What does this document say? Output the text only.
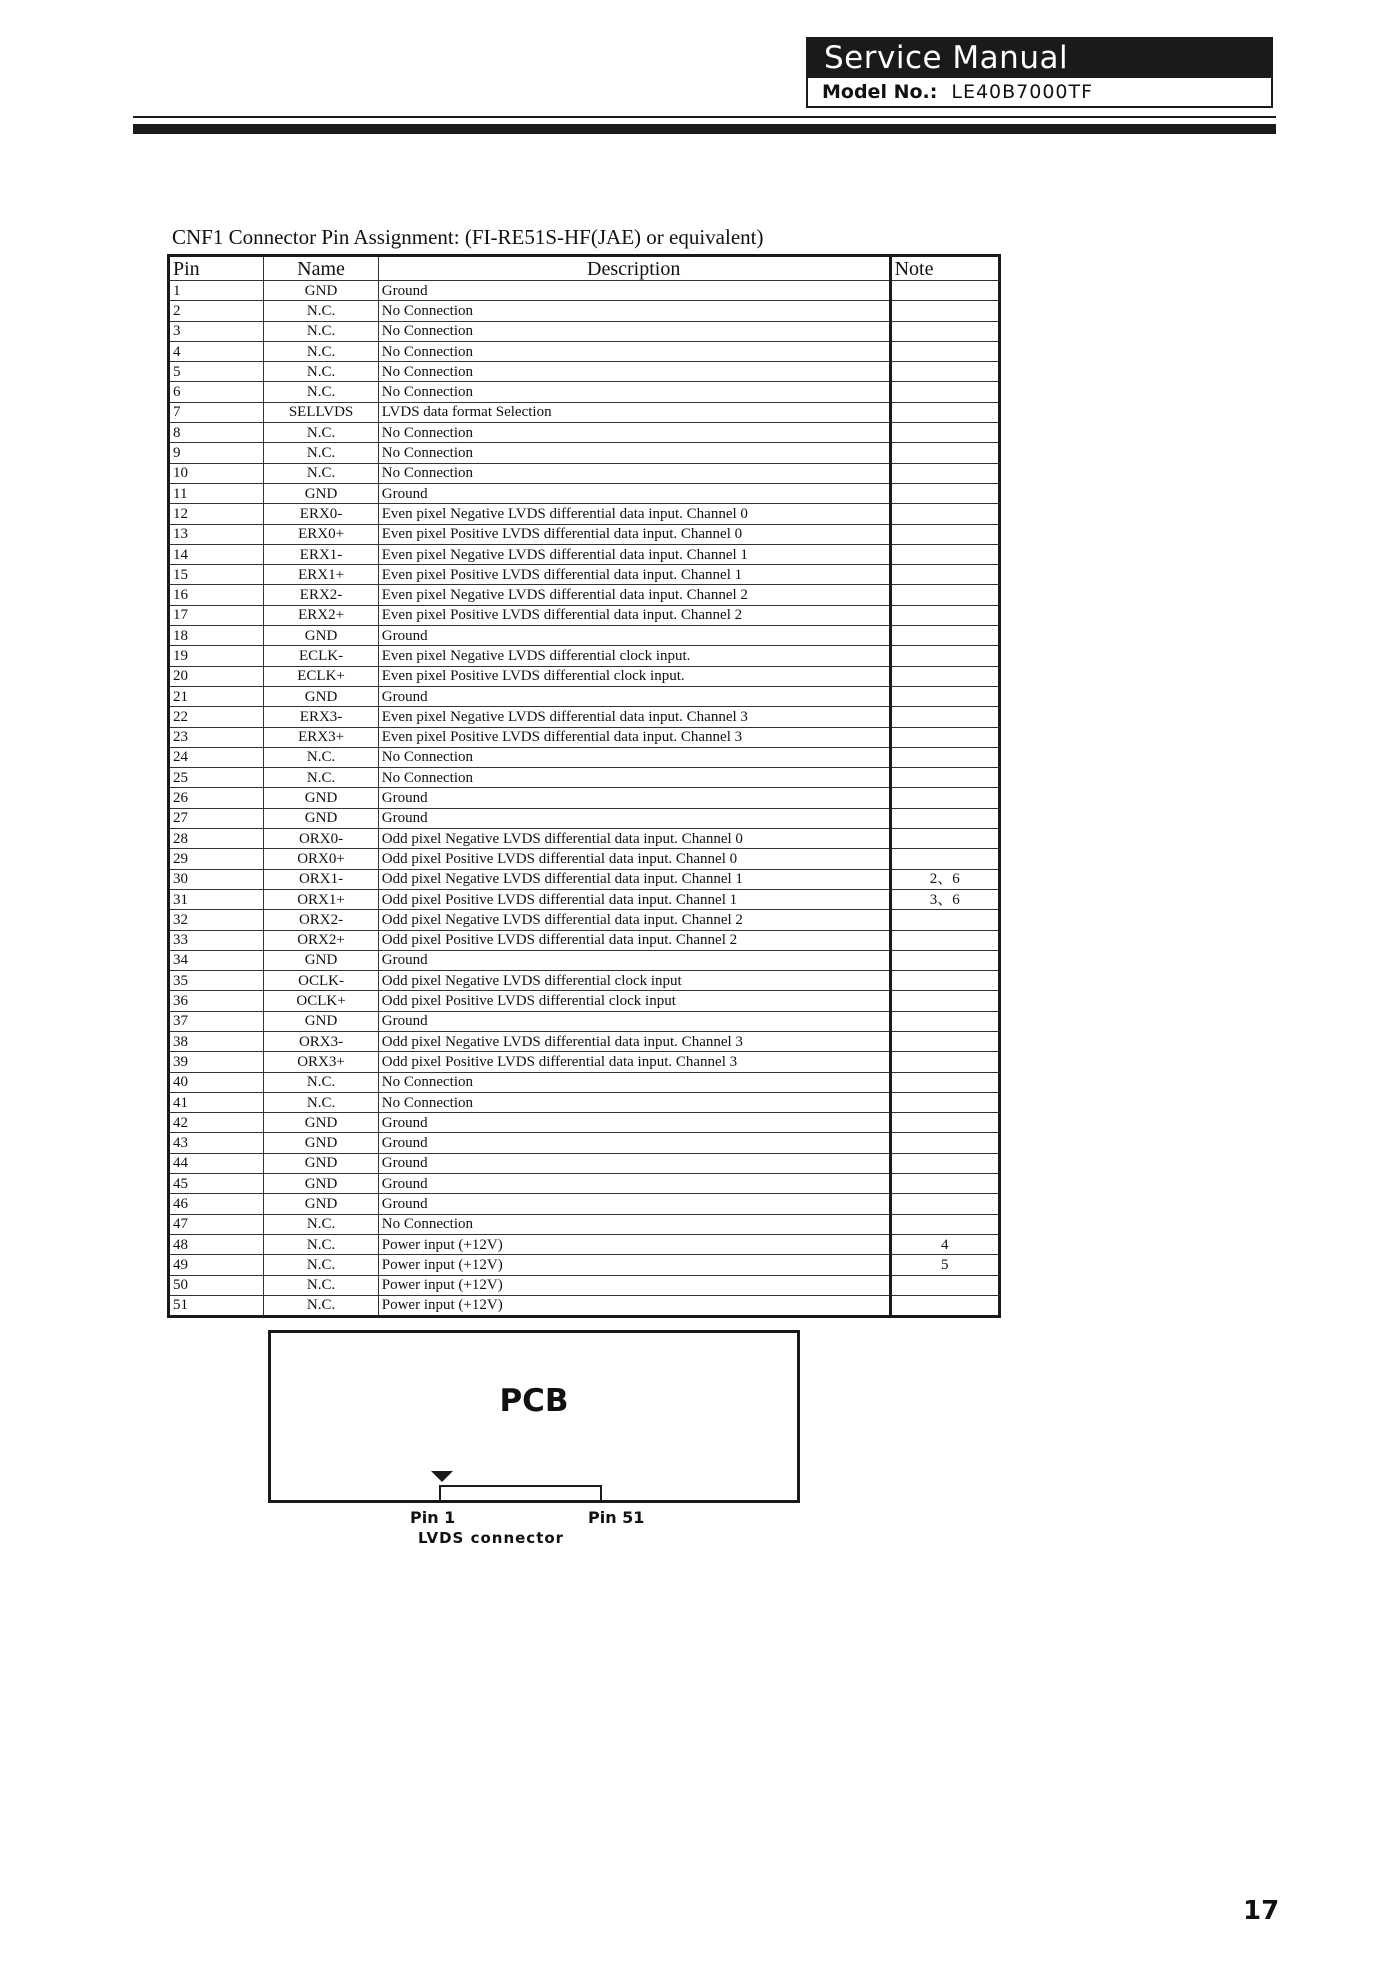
Service Manual
Model No.: LE40B7000TF
CNF1 Connector Pin Assignment: (FI-RE51S-HF(JAE) or equivalent)
Pin	Name	Description	Note
1	GND	Ground	
2	N.C.	No Connection	
3	N.C.	No Connection	
4	N.C.	No Connection	
5	N.C.	No Connection	
6	N.C.	No Connection	
7	SELLVDS	LVDS data format Selection	
8	N.C.	No Connection	
9	N.C.	No Connection	
10	N.C.	No Connection	
11	GND	Ground	
12	ERX0-	Even pixel Negative LVDS differential data input. Channel 0	
13	ERX0+	Even pixel Positive LVDS differential data input. Channel 0	
14	ERX1-	Even pixel Negative LVDS differential data input. Channel 1	
15	ERX1+	Even pixel Positive LVDS differential data input. Channel 1	
16	ERX2-	Even pixel Negative LVDS differential data input. Channel 2	
17	ERX2+	Even pixel Positive LVDS differential data input. Channel 2	
18	GND	Ground	
19	ECLK-	Even pixel Negative LVDS differential clock input.	
20	ECLK+	Even pixel Positive LVDS differential clock input.	
21	GND	Ground	
22	ERX3-	Even pixel Negative LVDS differential data input. Channel 3	
23	ERX3+	Even pixel Positive LVDS differential data input. Channel 3	
24	N.C.	No Connection	
25	N.C.	No Connection	
26	GND	Ground	
27	GND	Ground	
28	ORX0-	Odd pixel Negative LVDS differential data input. Channel 0	
29	ORX0+	Odd pixel Positive LVDS differential data input. Channel 0	
30	ORX1-	Odd pixel Negative LVDS differential data input. Channel 1	2、6
31	ORX1+	Odd pixel Positive LVDS differential data input. Channel 1	3、6
32	ORX2-	Odd pixel Negative LVDS differential data input. Channel 2	
33	ORX2+	Odd pixel Positive LVDS differential data input. Channel 2	
34	GND	Ground	
35	OCLK-	Odd pixel Negative LVDS differential clock input	
36	OCLK+	Odd pixel Positive LVDS differential clock input	
37	GND	Ground	
38	ORX3-	Odd pixel Negative LVDS differential data input. Channel 3	
39	ORX3+	Odd pixel Positive LVDS differential data input. Channel 3	
40	N.C.	No Connection	
41	N.C.	No Connection	
42	GND	Ground	
43	GND	Ground	
44	GND	Ground	
45	GND	Ground	
46	GND	Ground	
47	N.C.	No Connection	
48	N.C.	Power input (+12V)	4
49	N.C.	Power input (+12V)	5
50	N.C.	Power input (+12V)	
51	N.C.	Power input (+12V)	
PCB
Pin 1	Pin 51
LVDS connector
17
